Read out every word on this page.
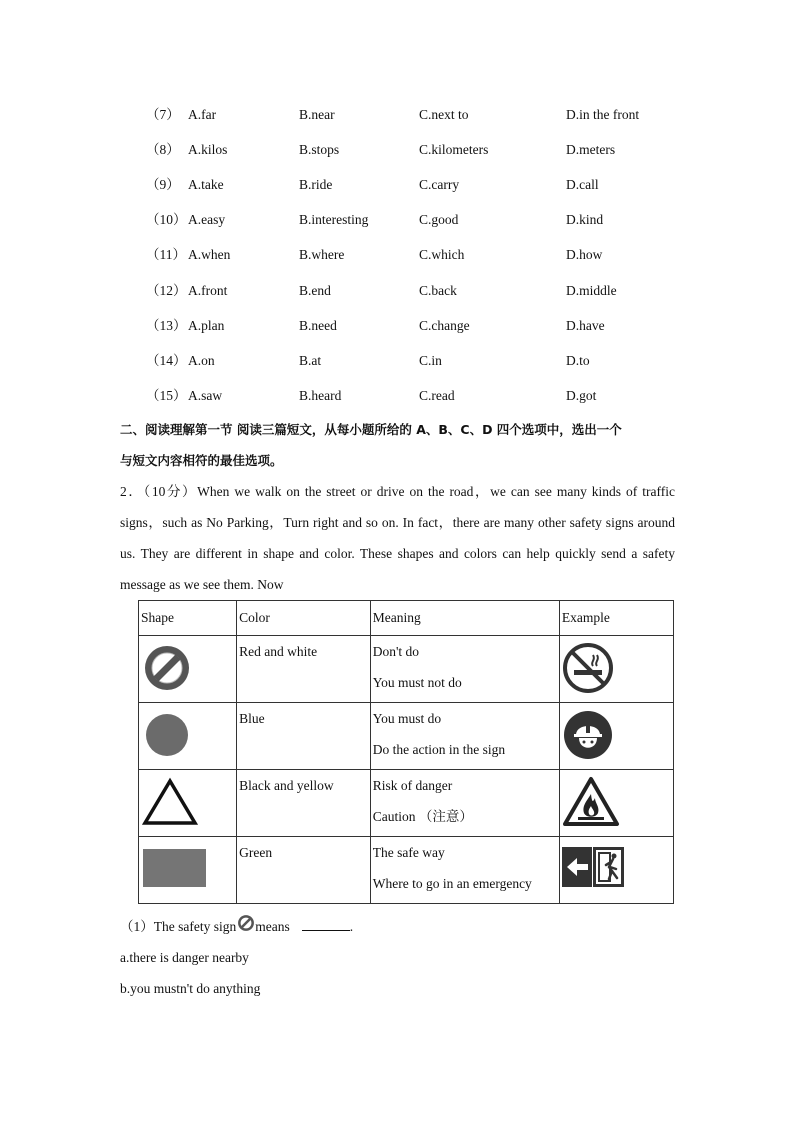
（7） A.far	B.near	C.next to	D.in the front
（8） A.kilos	B.stops	C.kilometers	D.meters
（9） A.take	B.ride	C.carry	D.call
（10） A.easy	B.interesting	C.good	D.kind
（11） A.when	B.where	C.which	D.how
（12） A.front	B.end	C.back	D.middle
（13） A.plan	B.need	C.change	D.have
（14） A.on	B.at	C.in	D.to
（15） A.saw	B.heard	C.read	D.got
二、阅读理解第一节 阅读三篇短文，从每小题所给的 A、B、C、D 四个选项中，选出一个
与短文内容相符的最佳选项。
2．（10分）When we walk on the street or drive on the road，we can see many kinds of traffic
signs，such as No Parking，Turn right and so on. In fact，there are many other safety signs around
us. They are different in shape and color. These shapes and colors can help quickly send a safety
message as we see them. Now
Shape	Color	Meaning	Example

Red and white	Don't do
You must not do

Blue	You must do
Do the action in the sign

Black and yellow	Risk of danger
Caution （注意）

Green	The safe way
Where to go in an emergency

（1）The safety sign means	.
a.there is danger nearby
b.you mustn't do anything
